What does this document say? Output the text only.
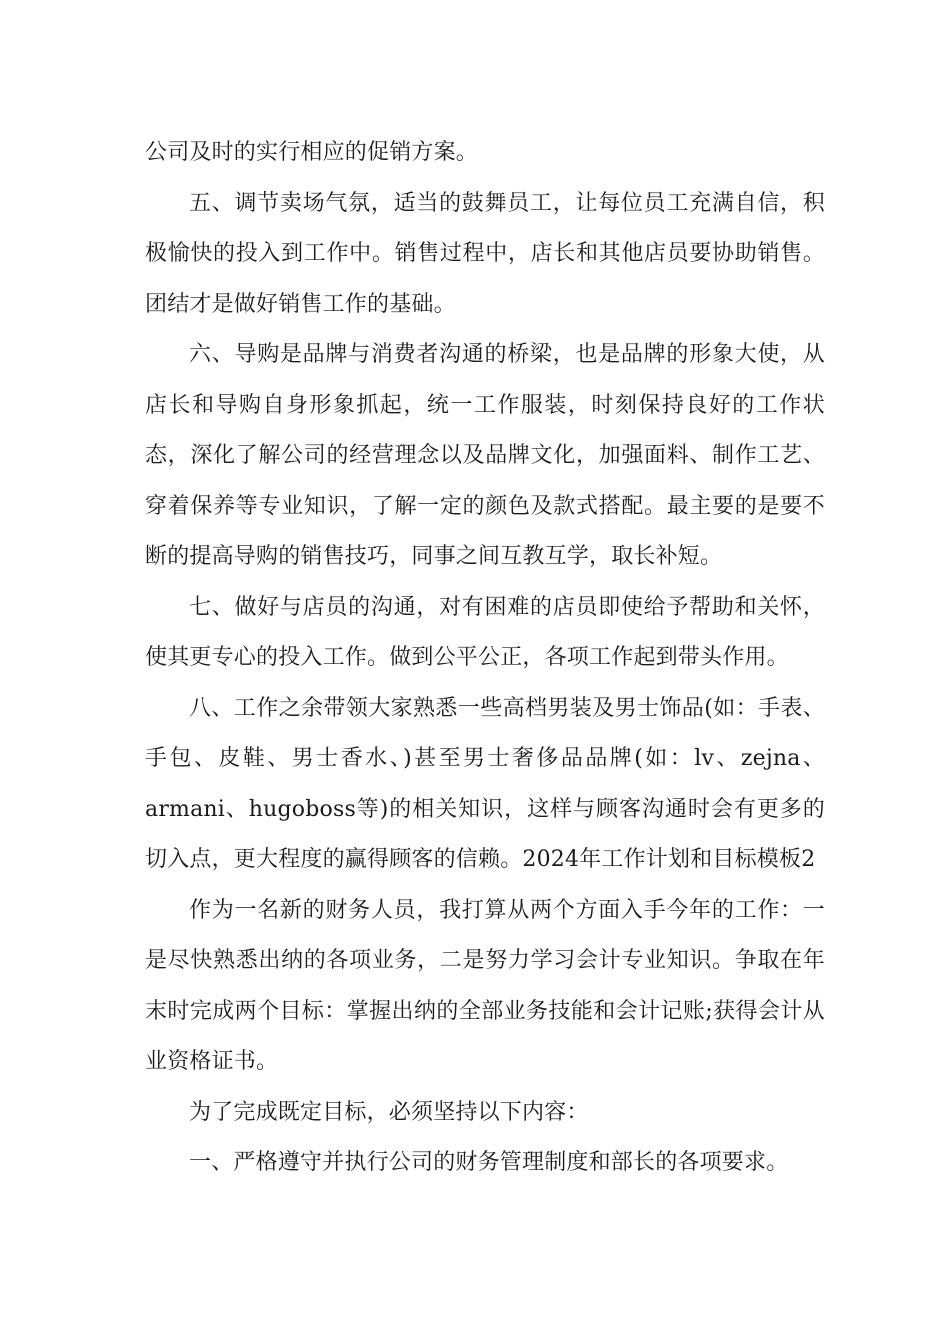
公司及时的实行相应的促销方案。

五、调节卖场气氛，适当的鼓舞员工，让每位员工充满自信，积极愉快的投入到工作中。销售过程中，店长和其他店员要协助销售。团结才是做好销售工作的基础。

六、导购是品牌与消费者沟通的桥梁，也是品牌的形象大使，从店长和导购自身形象抓起，统一工作服装，时刻保持良好的工作状态，深化了解公司的经营理念以及品牌文化，加强面料、制作工艺、穿着保养等专业知识，了解一定的颜色及款式搭配。最主要的是要不断的提高导购的销售技巧，同事之间互教互学，取长补短。

七、做好与店员的沟通，对有困难的店员即使给予帮助和关怀，使其更专心的投入工作。做到公平公正，各项工作起到带头作用。

八、工作之余带领大家熟悉一些高档男装及男士饰品(如：手表、手包、皮鞋、男士香水、)甚至男士奢侈品品牌(如：lv、zejna、armani、hugoboss等)的相关知识，这样与顾客沟通时会有更多的切入点，更大程度的赢得顾客的信赖。2024年工作计划和目标模板2

作为一名新的财务人员，我打算从两个方面入手今年的工作：一是尽快熟悉出纳的各项业务，二是努力学习会计专业知识。争取在年末时完成两个目标：掌握出纳的全部业务技能和会计记账;获得会计从业资格证书。

为了完成既定目标，必须坚持以下内容：

一、严格遵守并执行公司的财务管理制度和部长的各项要求。
